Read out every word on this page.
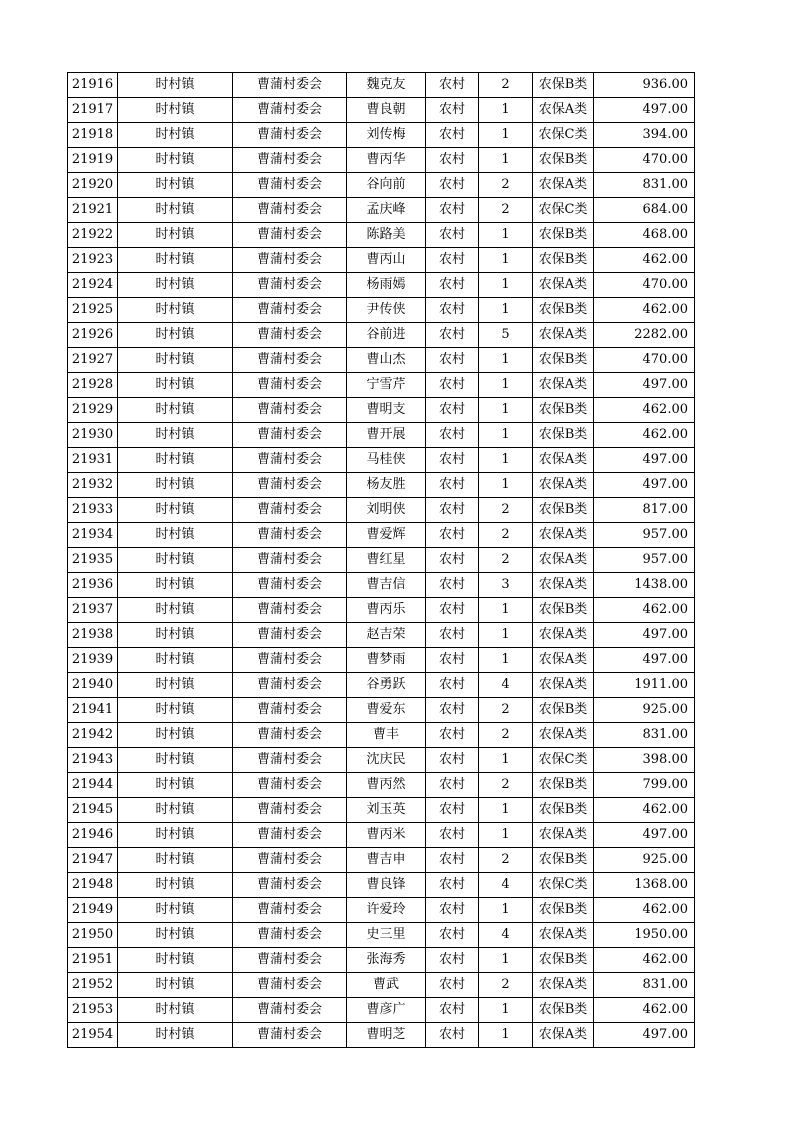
21916	时村镇	曹蒲村委会	魏克友	农村	2	农保B类	936.00
21917	时村镇	曹蒲村委会	曹良朝	农村	1	农保A类	497.00
21918	时村镇	曹蒲村委会	刘传梅	农村	1	农保C类	394.00
21919	时村镇	曹蒲村委会	曹丙华	农村	1	农保B类	470.00
21920	时村镇	曹蒲村委会	谷向前	农村	2	农保A类	831.00
21921	时村镇	曹蒲村委会	孟庆峰	农村	2	农保C类	684.00
21922	时村镇	曹蒲村委会	陈路美	农村	1	农保B类	468.00
21923	时村镇	曹蒲村委会	曹丙山	农村	1	农保B类	462.00
21924	时村镇	曹蒲村委会	杨雨嫣	农村	1	农保A类	470.00
21925	时村镇	曹蒲村委会	尹传侠	农村	1	农保B类	462.00
21926	时村镇	曹蒲村委会	谷前进	农村	5	农保A类	2282.00
21927	时村镇	曹蒲村委会	曹山杰	农村	1	农保B类	470.00
21928	时村镇	曹蒲村委会	宁雪芹	农村	1	农保A类	497.00
21929	时村镇	曹蒲村委会	曹明支	农村	1	农保B类	462.00
21930	时村镇	曹蒲村委会	曹开展	农村	1	农保B类	462.00
21931	时村镇	曹蒲村委会	马桂侠	农村	1	农保A类	497.00
21932	时村镇	曹蒲村委会	杨友胜	农村	1	农保A类	497.00
21933	时村镇	曹蒲村委会	刘明侠	农村	2	农保B类	817.00
21934	时村镇	曹蒲村委会	曹爱辉	农村	2	农保A类	957.00
21935	时村镇	曹蒲村委会	曹红星	农村	2	农保A类	957.00
21936	时村镇	曹蒲村委会	曹吉信	农村	3	农保A类	1438.00
21937	时村镇	曹蒲村委会	曹丙乐	农村	1	农保B类	462.00
21938	时村镇	曹蒲村委会	赵吉荣	农村	1	农保A类	497.00
21939	时村镇	曹蒲村委会	曹梦雨	农村	1	农保A类	497.00
21940	时村镇	曹蒲村委会	谷勇跃	农村	4	农保A类	1911.00
21941	时村镇	曹蒲村委会	曹爱东	农村	2	农保B类	925.00
21942	时村镇	曹蒲村委会	曹丰	农村	2	农保A类	831.00
21943	时村镇	曹蒲村委会	沈庆民	农村	1	农保C类	398.00
21944	时村镇	曹蒲村委会	曹丙然	农村	2	农保B类	799.00
21945	时村镇	曹蒲村委会	刘玉英	农村	1	农保B类	462.00
21946	时村镇	曹蒲村委会	曹丙米	农村	1	农保A类	497.00
21947	时村镇	曹蒲村委会	曹吉申	农村	2	农保B类	925.00
21948	时村镇	曹蒲村委会	曹良锋	农村	4	农保C类	1368.00
21949	时村镇	曹蒲村委会	许爱玲	农村	1	农保B类	462.00
21950	时村镇	曹蒲村委会	史三里	农村	4	农保A类	1950.00
21951	时村镇	曹蒲村委会	张海秀	农村	1	农保B类	462.00
21952	时村镇	曹蒲村委会	曹武	农村	2	农保A类	831.00
21953	时村镇	曹蒲村委会	曹彦广	农村	1	农保B类	462.00
21954	时村镇	曹蒲村委会	曹明芝	农村	1	农保A类	497.00
